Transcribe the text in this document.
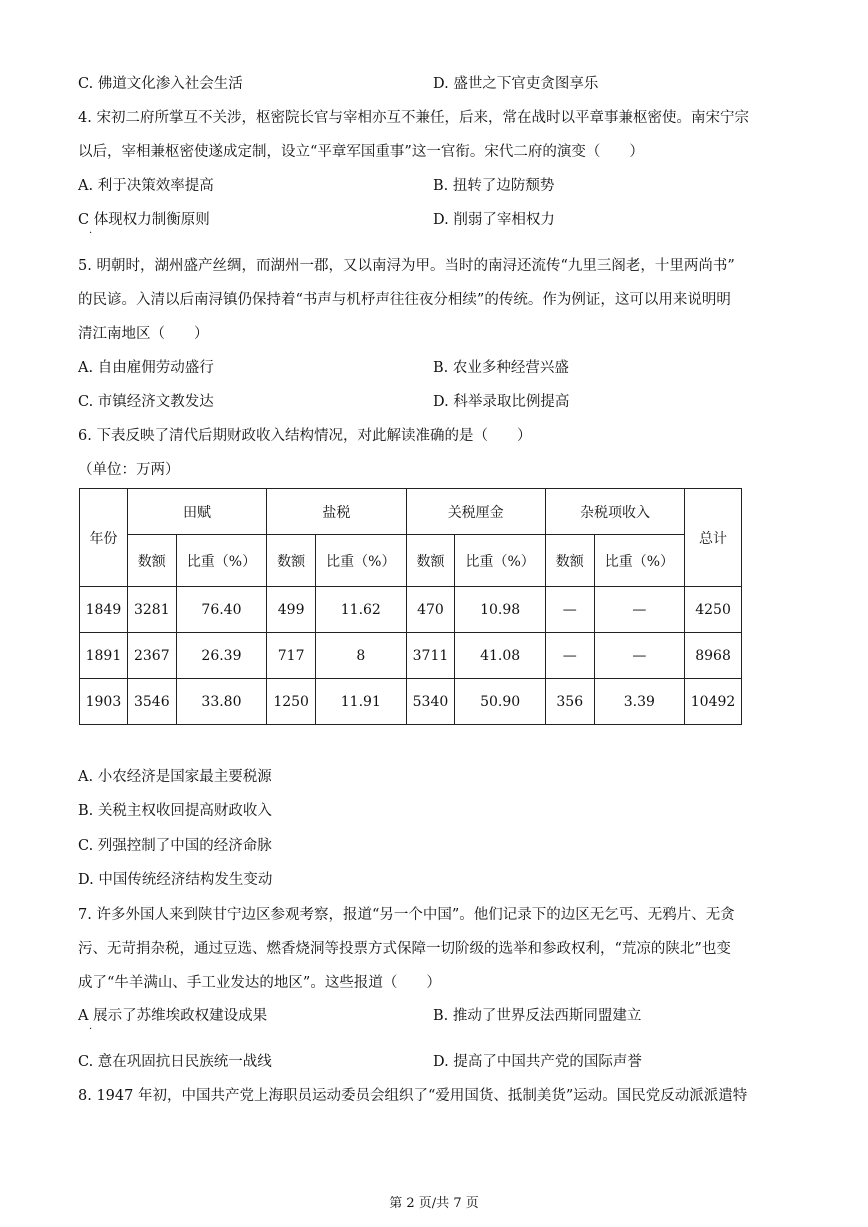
C. 佛道文化渗入社会生活	D. 盛世之下官吏贪图享乐
4. 宋初二府所掌互不关涉，枢密院长官与宰相亦互不兼任，后来，常在战时以平章事兼枢密使。南宋宁宗
以后，宰相兼枢密使遂成定制，设立“平章军国重事”这一官衔。宋代二府的演变（　　）
A. 利于决策效率提高	B. 扭转了边防颓势
C 体现权力制衡原则
·
D. 削弱了宰相权力
5. 明朝时，湖州盛产丝绸，而湖州一郡，又以南浔为甲。当时的南浔还流传“九里三阁老，十里两尚书”
的民谚。入清以后南浔镇仍保持着“书声与机杼声往往夜分相续”的传统。作为例证，这可以用来说明明
清江南地区（　　）
A. 自由雇佣劳动盛行	B. 农业多种经营兴盛
C. 市镇经济文教发达	D. 科举录取比例提高
6. 下表反映了清代后期财政收入结构情况，对此解读准确的是（　　）
（单位：万两）
年份	田赋		盐税		关税厘金		杂税项收入		总计
	数额	比重（%）	数额	比重（%）	数额	比重（%）	数额	比重（%）	
1849	3281	76.40	499	11.62	470	10.98	—	—	4250
1891	2367	26.39	717	8	3711	41.08	—	—	8968
1903	3546	33.80	1250	11.91	5340	50.90	356	3.39	10492
A. 小农经济是国家最主要税源
B. 关税主权收回提高财政收入
C. 列强控制了中国的经济命脉
D. 中国传统经济结构发生变动
7. 许多外国人来到陕甘宁边区参观考察，报道“另一个中国”。他们记录下的边区无乞丐、无鸦片、无贪
污、无苛捐杂税，通过豆选、燃香烧洞等投票方式保障一切阶级的选举和参政权利，“荒凉的陕北”也变
成了“牛羊满山、手工业发达的地区”。这些报道（　　）
A 展示了苏维埃政权建设成果
·
B. 推动了世界反法西斯同盟建立
C. 意在巩固抗日民族统一战线	D. 提高了中国共产党的国际声誉
8. 1947 年初，中国共产党上海职员运动委员会组织了“爱用国货、抵制美货”运动。国民党反动派派遣特
第 2 页/共 7 页
